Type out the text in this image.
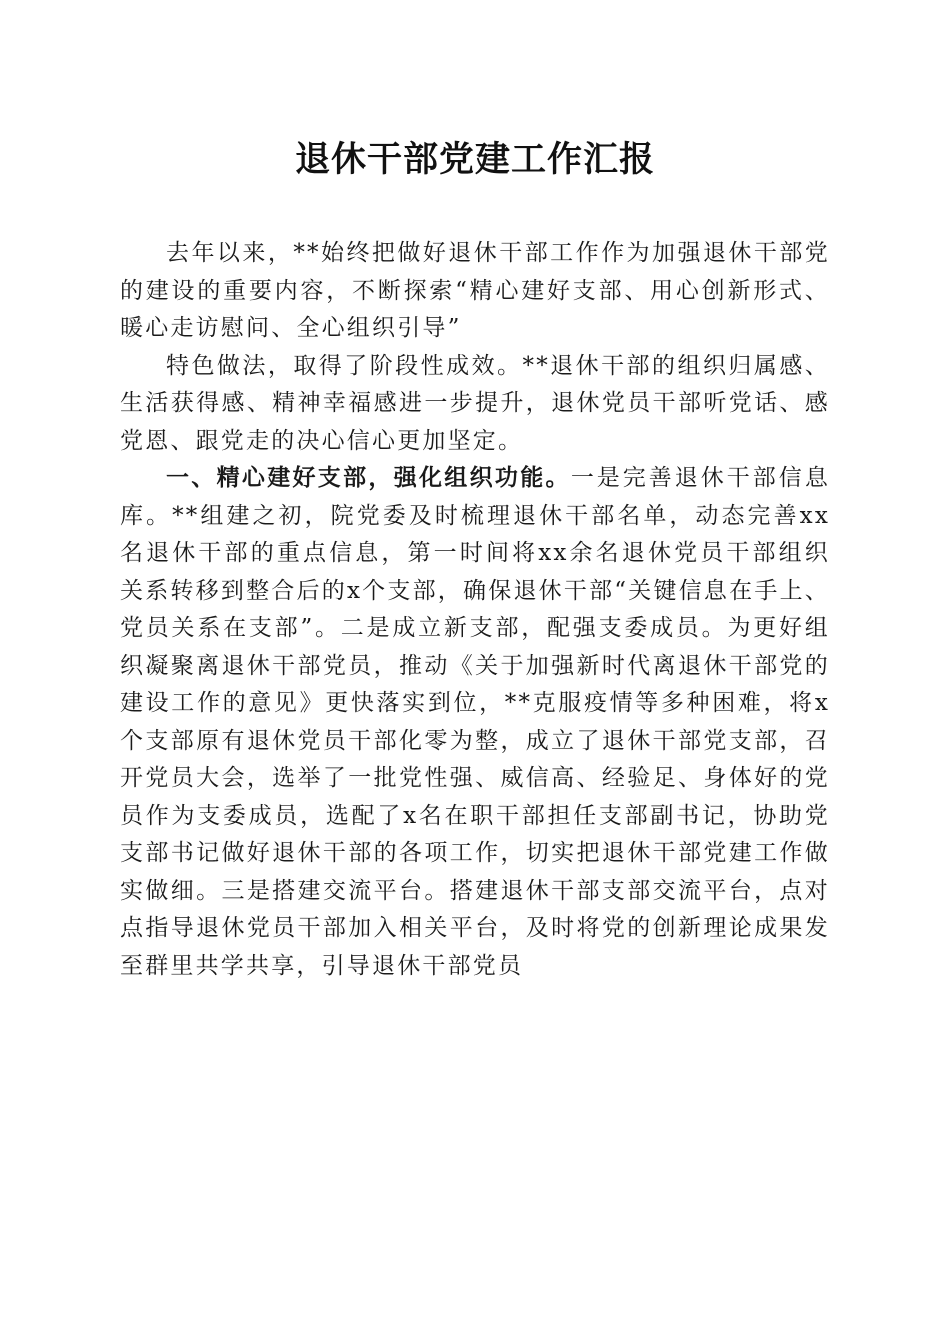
退休干部党建工作汇报

去年以来，**始终把做好退休干部工作作为加强退休干部党的建设的重要内容，不断探索“精心建好支部、用心创新形式、暖心走访慰问、全心组织引导”

特色做法，取得了阶段性成效。**退休干部的组织归属感、生活获得感、精神幸福感进一步提升，退休党员干部听党话、感党恩、跟党走的决心信心更加坚定。

一、精心建好支部，强化组织功能。一是完善退休干部信息库。**组建之初，院党委及时梳理退休干部名单，动态完善xx名退休干部的重点信息，第一时间将xx余名退休党员干部组织关系转移到整合后的x个支部，确保退休干部“关键信息在手上、党员关系在支部”。二是成立新支部，配强支委成员。为更好组织凝聚离退休干部党员，推动《关于加强新时代离退休干部党的建设工作的意见》更快落实到位，**克服疫情等多种困难，将x个支部原有退休党员干部化零为整，成立了退休干部党支部，召开党员大会，选举了一批党性强、威信高、经验足、身体好的党员作为支委成员，选配了x名在职干部担任支部副书记，协助党支部书记做好退休干部的各项工作，切实把退休干部党建工作做实做细。三是搭建交流平台。搭建退休干部支部交流平台，点对点指导退休党员干部加入相关平台，及时将党的创新理论成果发至群里共学共享，引导退休干部党员
